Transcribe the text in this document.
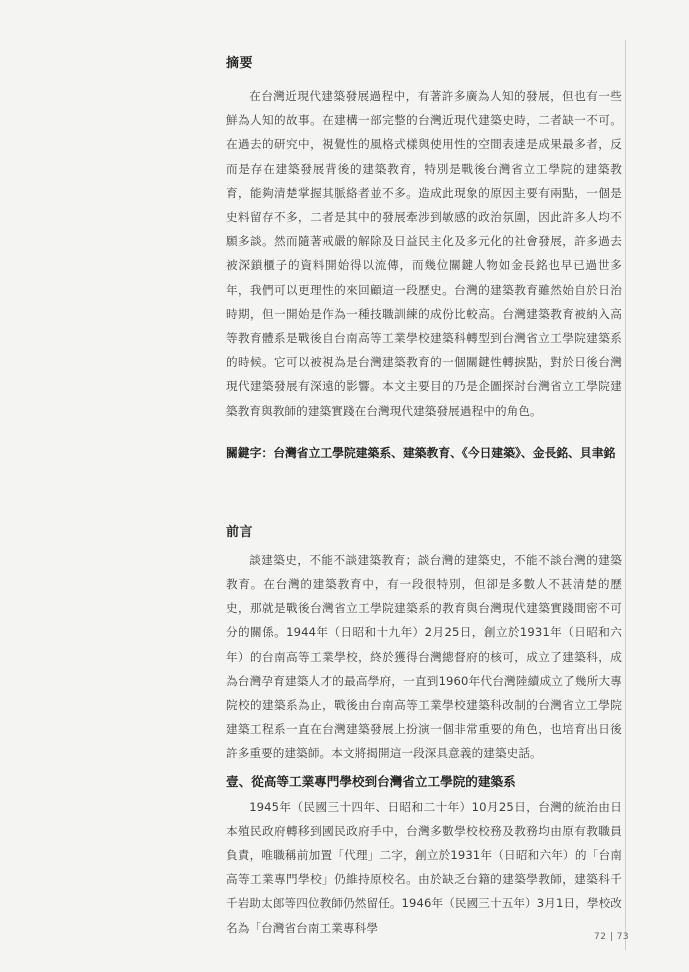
摘要

在台灣近現代建築發展過程中，有著許多廣為人知的發展，但也有一些鮮為人知的故事。在建構一部完整的台灣近現代建築史時，二者缺一不可。在過去的研究中，視覺性的風格式樣與使用性的空間表達是成果最多者，反而是存在建築發展背後的建築教育，特別是戰後台灣省立工學院的建築教育，能夠清楚掌握其脈絡者並不多。造成此現象的原因主要有兩點，一個是史料留存不多，二者是其中的發展牽涉到敏感的政治氛圍，因此許多人均不願多談。然而隨著戒嚴的解除及日益民主化及多元化的社會發展，許多過去被深鎖櫃子的資料開始得以流傳，而幾位關鍵人物如金長銘也早已過世多年，我們可以更理性的來回顧這一段歷史。台灣的建築教育雖然始自於日治時期，但一開始是作為一種技職訓練的成份比較高。台灣建築教育被納入高等教育體系是戰後自台南高等工業學校建築科轉型到台灣省立工學院建築系的時候。它可以被視為是台灣建築教育的一個關鍵性轉捩點，對於日後台灣現代建築發展有深遠的影響。本文主要目的乃是企圖探討台灣省立工學院建築教育與教師的建築實踐在台灣現代建築發展過程中的角色。

關鍵字：台灣省立工學院建築系、建築教育、《今日建築》、金長銘、貝聿銘

前言

談建築史，不能不談建築教育；談台灣的建築史，不能不談台灣的建築教育。在台灣的建築教育中，有一段很特別，但卻是多數人不甚清楚的歷史，那就是戰後台灣省立工學院建築系的教育與台灣現代建築實踐間密不可分的關係。1944年（日昭和十九年）2月25日，創立於1931年（日昭和六年）的台南高等工業學校，終於獲得台灣總督府的核可，成立了建築科，成為台灣孕育建築人才的最高學府，一直到1960年代台灣陸續成立了幾所大專院校的建築系為止，戰後由台南高等工業學校建築科改制的台灣省立工學院建築工程系一直在台灣建築發展上扮演一個非常重要的角色，也培育出日後許多重要的建築師。本文將揭開這一段深具意義的建築史話。

壹、從高等工業專門學校到台灣省立工學院的建築系

1945年（民國三十四年、日昭和二十年）10月25日，台灣的統治由日本殖民政府轉移到國民政府手中，台灣多數學校校務及教務均由原有教職員負責，唯職稱前加置「代理」二字，創立於1931年（日昭和六年）的「台南高等工業專門學校」仍維持原校名。由於缺乏台籍的建築學教師，建築科千千岩助太郎等四位教師仍然留任。1946年（民國三十五年）3月1日，學校改名為「台灣省台南工業專科學

72 | 73
